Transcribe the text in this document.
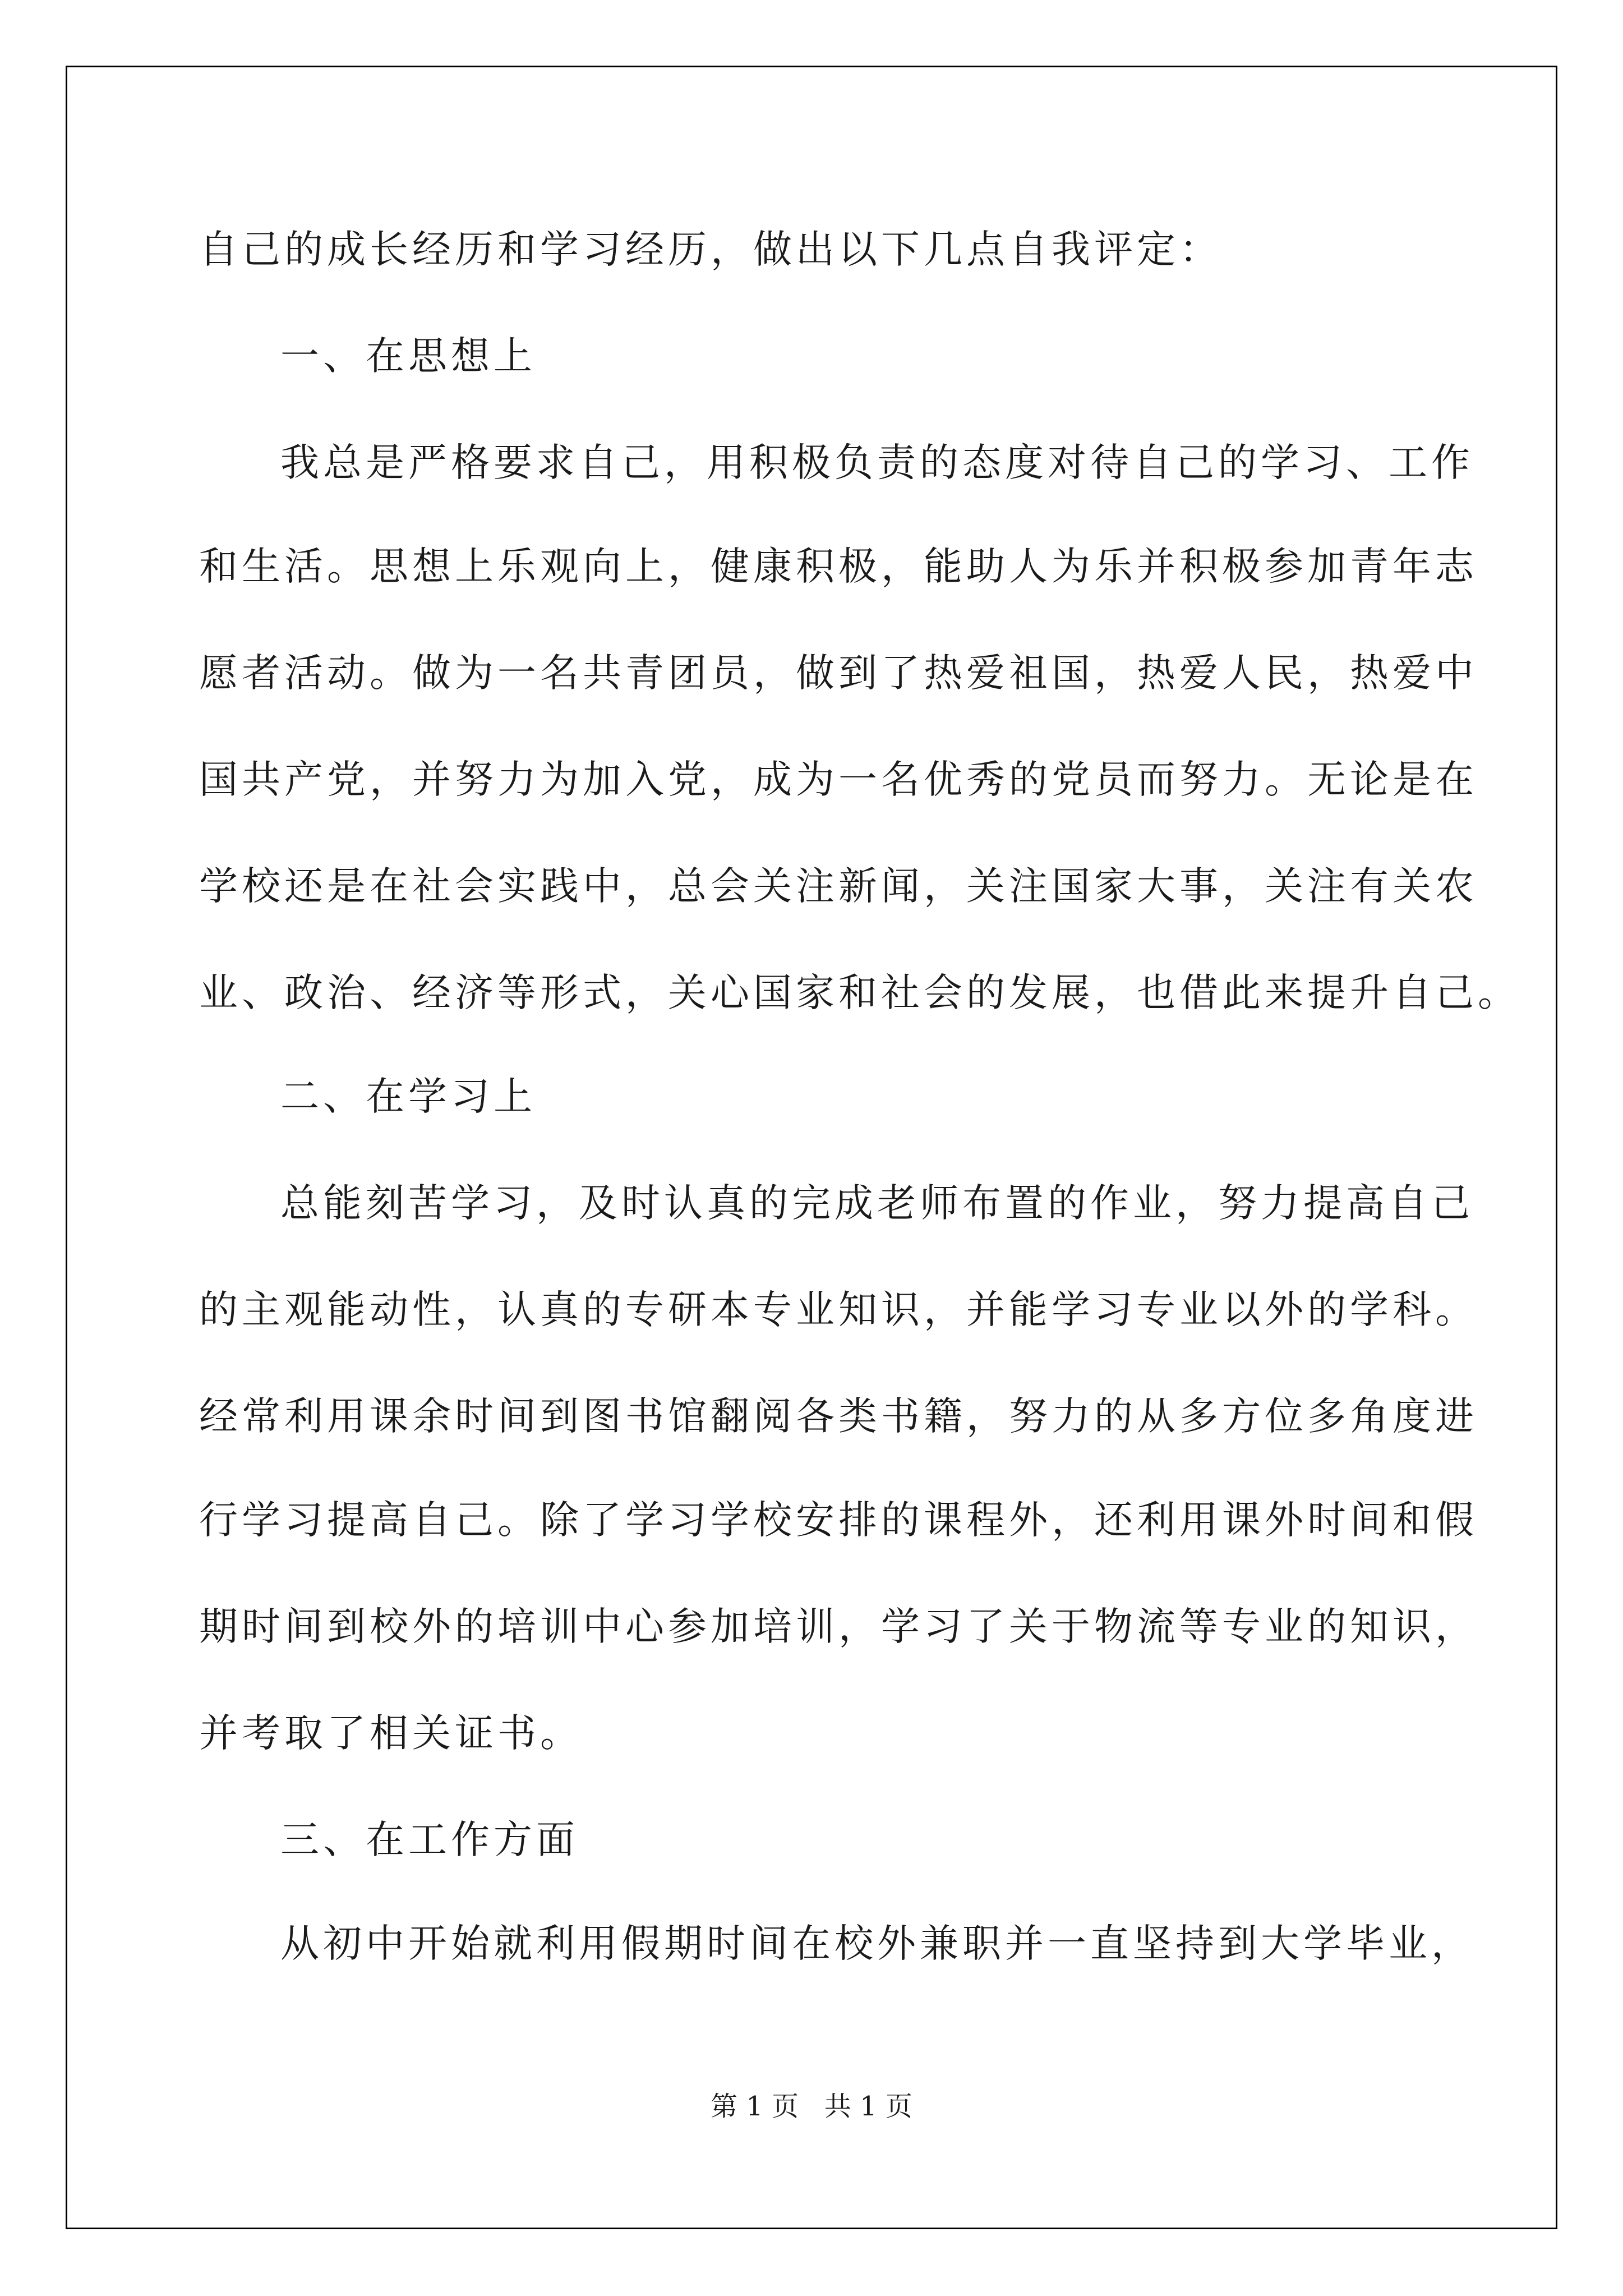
自己的成长经历和学习经历，做出以下几点自我评定：

一、在思想上

我总是严格要求自己，用积极负责的态度对待自己的学习、工作

和生活。思想上乐观向上，健康积极，能助人为乐并积极参加青年志

愿者活动。做为一名共青团员，做到了热爱祖国，热爱人民，热爱中

国共产党，并努力为加入党，成为一名优秀的党员而努力。无论是在

学校还是在社会实践中，总会关注新闻，关注国家大事，关注有关农

业、政治、经济等形式，关心国家和社会的发展，也借此来提升自己。

二、在学习上

总能刻苦学习，及时认真的完成老师布置的作业，努力提高自己

的主观能动性，认真的专研本专业知识，并能学习专业以外的学科。

经常利用课余时间到图书馆翻阅各类书籍，努力的从多方位多角度进

行学习提高自己。除了学习学校安排的课程外，还利用课外时间和假

期时间到校外的培训中心参加培训，学习了关于物流等专业的知识，

并考取了相关证书。

三、在工作方面

从初中开始就利用假期时间在校外兼职并一直坚持到大学毕业，

第 1 页   共 1 页
